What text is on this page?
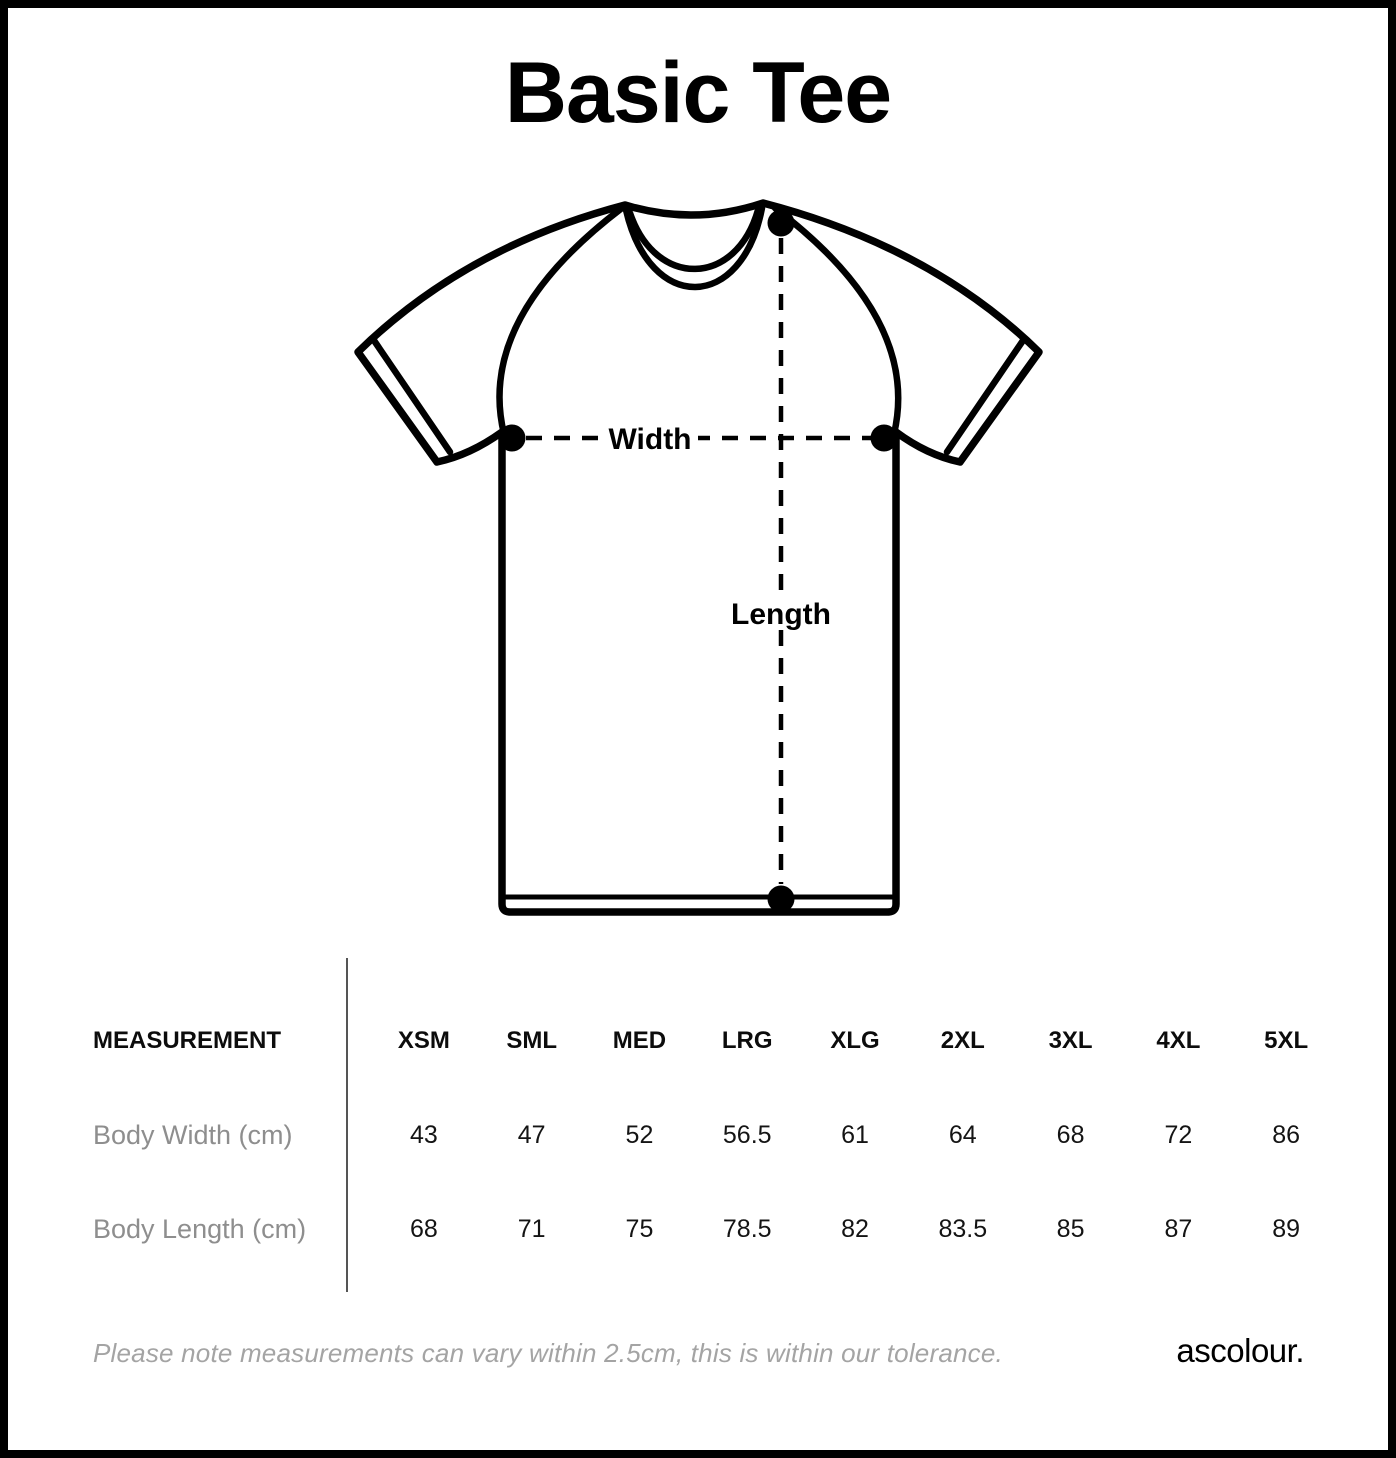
Basic Tee
Width
Length
MEASUREMENT	XSM	SML	MED	LRG	XLG	2XL	3XL	4XL	5XL
Body Width (cm)	43	47	52	56.5	61	64	68	72	86
Body Length (cm)	68	71	75	78.5	82	83.5	85	87	89
Please note measurements can vary within 2.5cm, this is within our tolerance.	ascolour.
